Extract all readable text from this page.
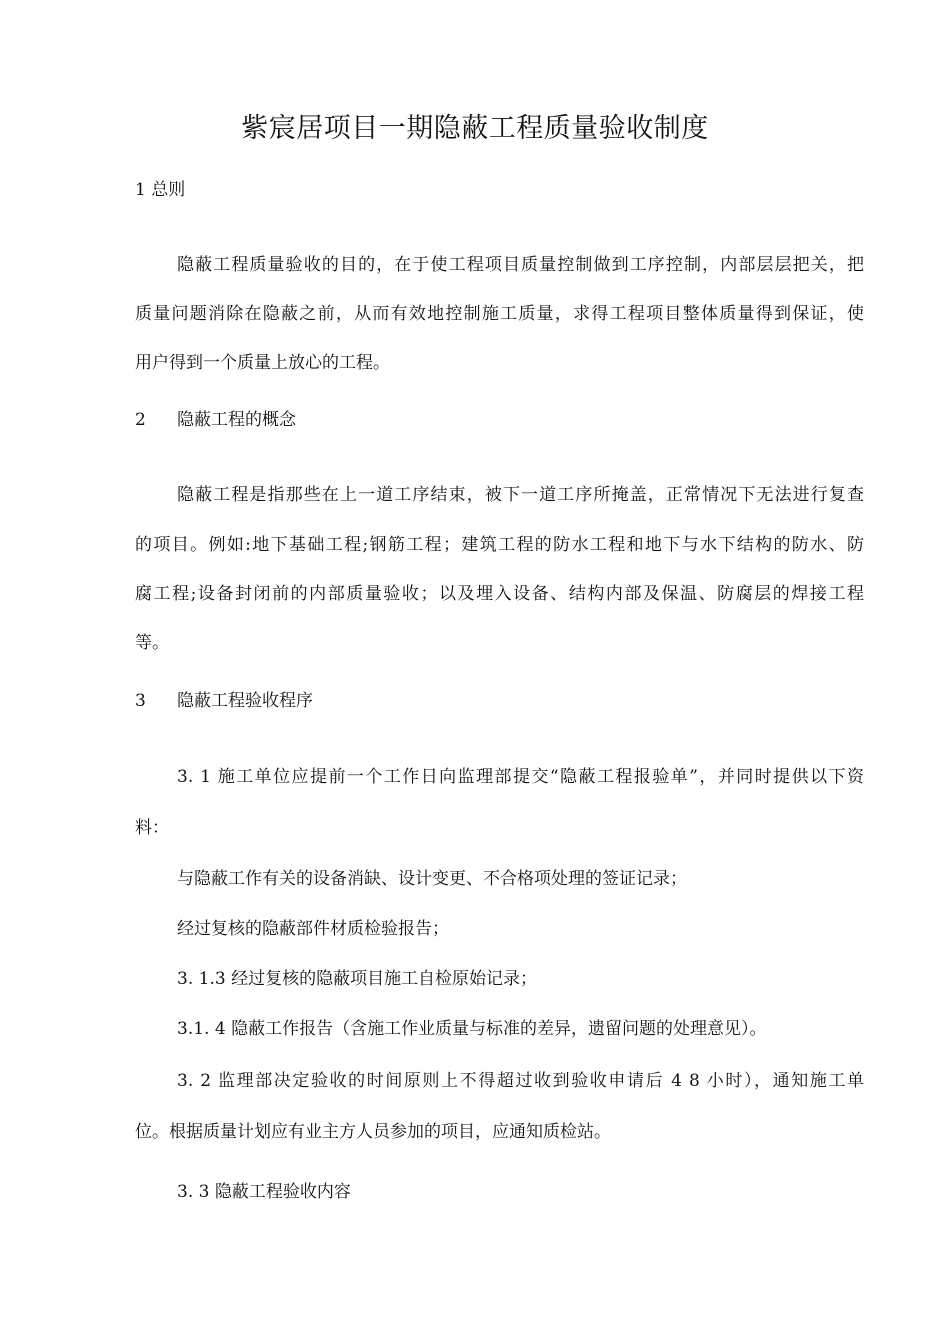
紫宸居项目一期隐蔽工程质量验收制度
1 总则
隐蔽工程质量验收的目的，在于使工程项目质量控制做到工序控制，内部层层把关，把
质量问题消除在隐蔽之前，从而有效地控制施工质量，求得工程项目整体质量得到保证，使
用户得到一个质量上放心的工程。
2 隐蔽工程的概念
隐蔽工程是指那些在上一道工序结束，被下一道工序所掩盖，正常情况下无法进行复查
的项目。例如:地下基础工程;钢筋工程；建筑工程的防水工程和地下与水下结构的防水、防
腐工程;设备封闭前的内部质量验收；以及埋入设备、结构内部及保温、防腐层的焊接工程
等。
3 隐蔽工程验收程序
3. 1 施工单位应提前一个工作日向监理部提交“隐蔽工程报验单”，并同时提供以下资
料：
与隐蔽工作有关的设备消缺、设计变更、不合格项处理的签证记录；
经过复核的隐蔽部件材质检验报告；
3. 1.3 经过复核的隐蔽项目施工自检原始记录；
3.1. 4 隐蔽工作报告（含施工作业质量与标准的差异，遗留问题的处理意见）。
3. 2 监理部决定验收的时间原则上不得超过收到验收申请后 4 8 小时），通知施工单
位。根据质量计划应有业主方人员参加的项目，应通知质检站。
3. 3 隐蔽工程验收内容
